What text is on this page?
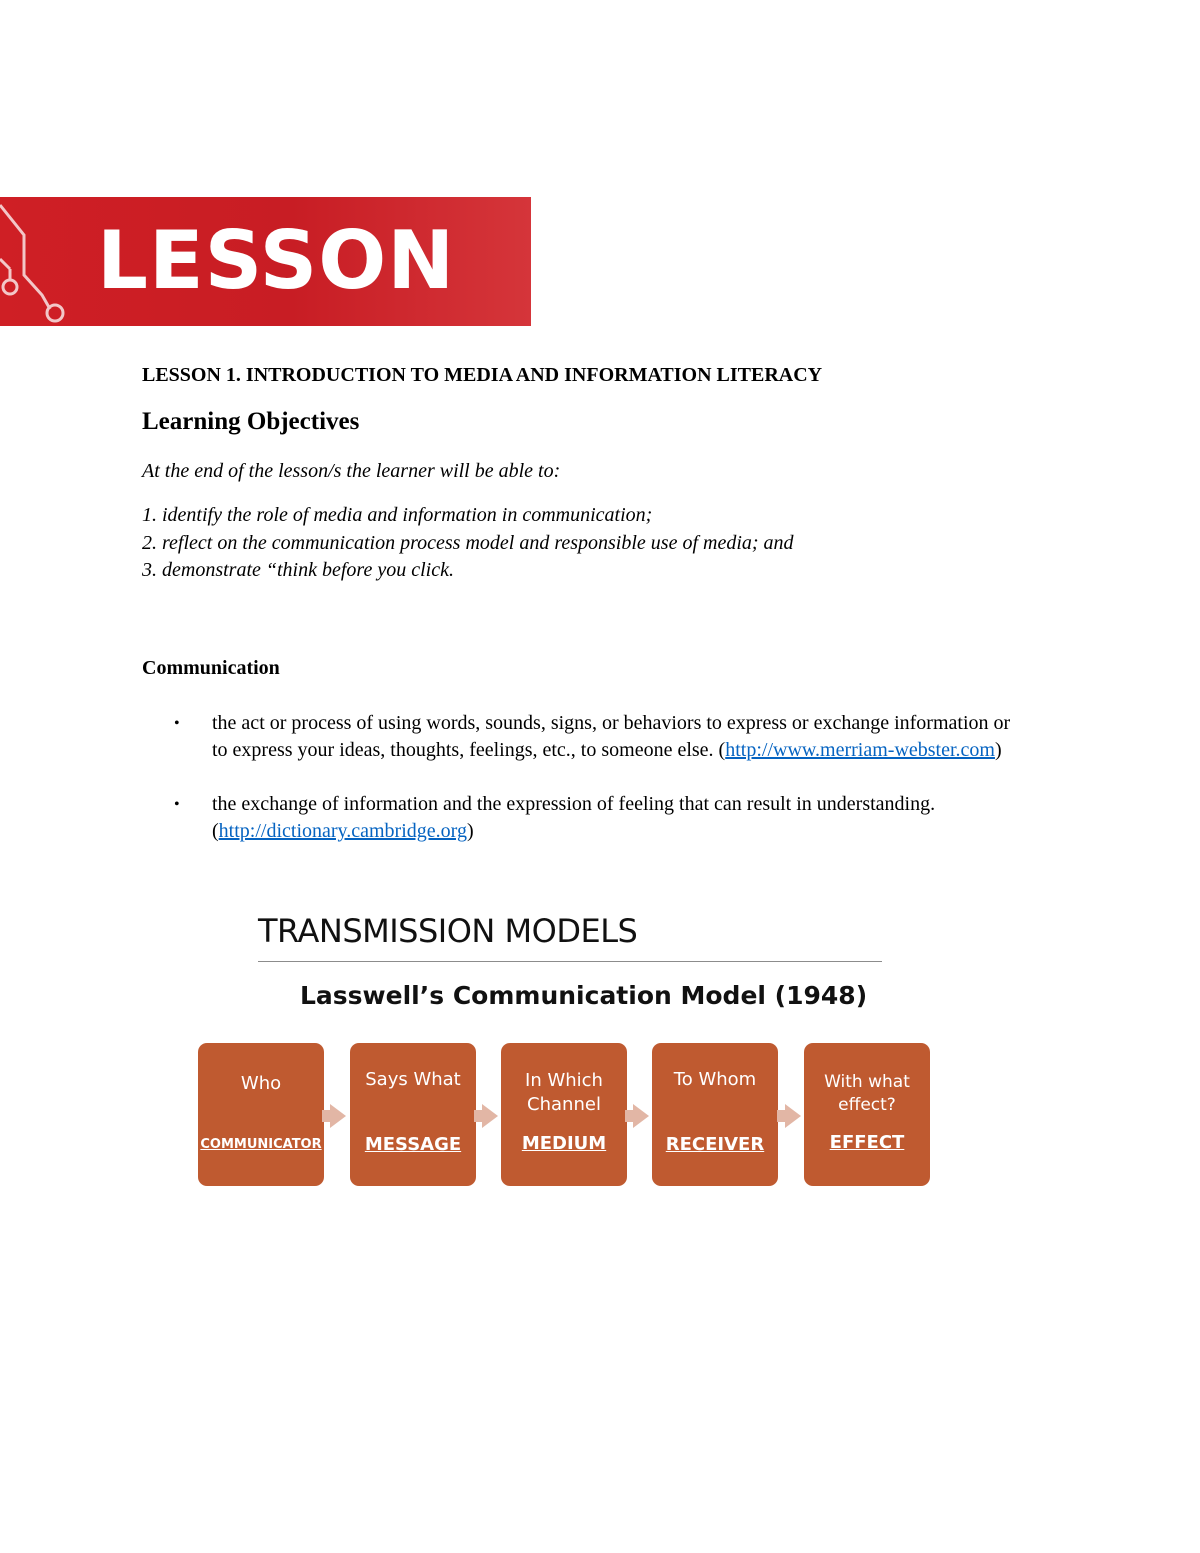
LESSON
LESSON 1. INTRODUCTION TO MEDIA AND INFORMATION LITERACY
Learning Objectives
At the end of the lesson/s the learner will be able to:
1. identify the role of media and information in communication;
2. reflect on the communication process model and responsible use of media; and
3. demonstrate “think before you click.
Communication
• the act or process of using words, sounds, signs, or behaviors to express or exchange information or to express your ideas, thoughts, feelings, etc., to someone else. (http://www.merriam-webster.com)
• the exchange of information and the expression of feeling that can result in understanding. (http://dictionary.cambridge.org)
TRANSMISSION MODELS
Lasswell’s Communication Model (1948)
Who
COMMUNICATOR
Says What
MESSAGE
In Which Channel
MEDIUM
To Whom
RECEIVER
With what effect?
EFFECT
